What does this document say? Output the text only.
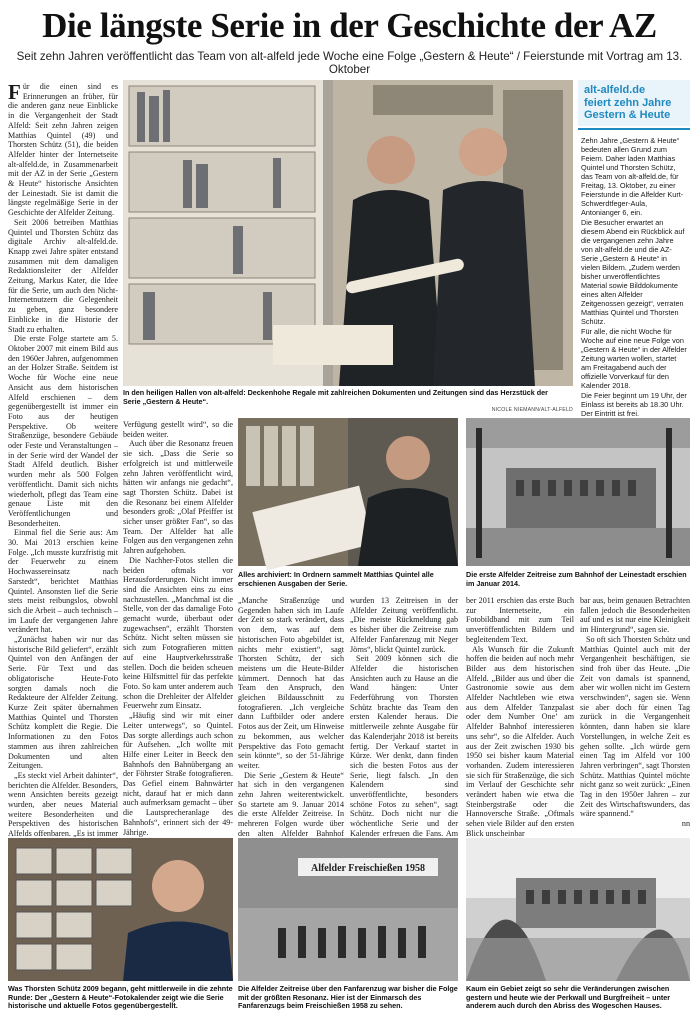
Die längste Serie in der Geschichte der AZ
Seit zehn Jahren veröffentlicht das Team von alt-alfeld jede Woche eine Folge „Gestern & Heute“ / Feierstunde mit Vortrag am 13. Oktober

Für die einen sind es Erinnerungen an früher, für die anderen ganz neue Einblicke in die Vergangenheit der Stadt Alfeld: Seit zehn Jahren zeigen Matthias Quintel (49) und Thorsten Schütz (51), die beiden Alfelder hinter der Internetseite alt-alfeld.de, in Zusammenarbeit mit der AZ in der Serie „Gestern & Heute“ historische Ansichten der Leinestadt. Sie ist damit die längste regelmäßige Serie in der Geschichte der Alfelder Zeitung.

Seit 2006 betreiben Matthias Quintel und Thorsten Schütz das digitale Archiv alt-alfeld.de. Knapp zwei Jahre später entstand zusammen mit dem damaligen Redaktionsleiter der Alfelder Zeitung, Markus Kater, die Idee für die Serie, um auch den Nicht-Internetnutzern die Gelegenheit zu geben, ganz besondere Einblicke in die Historie der Stadt zu erhalten.

Die erste Folge startete am 5. Oktober 2007 mit einem Bild aus den 1960er Jahren, aufgenommen an der Holzer Straße. Seitdem ist Woche für Woche eine neue Ansicht aus dem historischen Alfeld erschienen – dem gegenübergestellt ist immer ein Foto aus der heutigen Perspektive. Ob weitere Straßenzüge, besondere Gebäude oder Feste und Veranstaltungen – in der Serie wird der Wandel der Stadt Alfeld deutlich. Bisher wurden mehr als 500 Folgen veröffentlicht. Damit sich nichts wiederholt, pflegt das Team eine genaue Liste mit den Veröffentlichungen und Besonderheiten.

Einmal fiel die Serie aus: Am 30. Mai 2013 erschien keine Folge. „Ich musste kurzfristig mit der Feuerwehr zu einem Hochwassereinsatz nach Sarstedt“, berichtet Matthias Quintel. Ansonsten lief die Serie stets meist reibungslos, obwohl sich die Arbeit – auch technisch – im Laufe der vergangenen Jahre verändert hat.

„Zunächst haben wir nur das historische Bild geliefert“, erzählt Quintel von den Anfängen der Serie. Für Text und das obligatorische Heute-Foto sorgten damals noch die Redakteure der Alfelder Zeitung. Kurze Zeit später übernahmen Matthias Quintel und Thorsten Schütz komplett die Regie. Die Informationen zu den Fotos stammen aus ihren zahlreichen Dokumenten und alten Zeitungen.

„Es steckt viel Arbeit dahinter“, berichten die Alfelder. Besonders, wenn Ansichten bereits gezeigt wurden, aber neues Material weitere Besonderheiten und Perspektiven des historischen Alfelds offenbaren. „Es ist immer

In den heiligen Hallen von alt-alfeld: Deckenhohe Regale mit zahlreichen Dokumenten und Zeitungen sind das Herzstück der Serie „Gestern & Heute“.
NICOLE NIEMANN/ALT-ALFELD
alt-alfeld.de
feiert zehn Jahre
Gestern & Heute

Zehn Jahre „Gestern & Heute“ bedeuten allen Grund zum Feiern. Daher laden Matthias Quintel und Thorsten Schütz, das Team von alt-alfeld.de, für Freitag, 13. Oktober, zu einer Feierstunde in die Alfelder Kurt-Schwerdtfeger-Aula, Antonianger 6, ein.

Die Besucher erwartet an diesem Abend ein Rückblick auf die vergangenen zehn Jahre von alt-alfeld.de und die AZ-Serie „Gestern & Heute“ in vielen Bildern. „Zudem werden bisher unveröffentlichtes Material sowie Bilddokumente eines alten Alfelder Zeitgenossen gezeigt“, verraten Matthias Quintel und Thorsten Schütz.

Für alle, die nicht Woche für Woche auf eine neue Folge von „Gestern & Heute“ in der Alfelder Zeitung warten wollen, startet am Freitagabend auch der offizielle Vorverkauf für den Kalender 2018.

Die Feier beginnt um 19 Uhr, der Einlass ist bereits ab 18.30 Uhr. Der Eintritt ist frei.

Verfügung gestellt wird“, so die beiden weiter.

Auch über die Resonanz freuen sie sich. „Dass die Serie so erfolgreich ist und mittlerweile zehn Jahren veröffentlicht wird, hätten wir anfangs nie gedacht“, sagt Thorsten Schütz. Dabei ist die Resonanz bei einem Alfelder besonders groß: „Olaf Pfeiffer ist sicher unser größter Fan“, so das Team. Der Alfelder hat alle Folgen aus den vergangenen zehn Jahren aufgehoben.

Die Nachher-Fotos stellen die beiden oftmals vor Herausforderungen. Nicht immer sind die Ansichten eins zu eins nachzustellen. „Manchmal ist die Stelle, von der das damalige Foto gemacht wurde, überbaut oder zugewachsen“, erzählt Thorsten Schütz. Nicht selten müssen sie sich zum Fotografieren mitten auf eine Hauptverkehrsstraße stellen. Doch die beiden scheuen keine Hilfsmittel für das perfekte Foto. So kam unter anderem auch schon die Drehleiter der Alfelder Feuerwehr zum Einsatz.

„Häufig sind wir mit einer Leiter unterwegs“, so Quintel. Das sorgte allerdings auch schon für Aufsehen. „Ich wollte mit Hilfe einer Leiter in Beeck den Bahnhofs den Bahnübergang an der Föhrster Straße fotografieren. Das Gefiel einem Bahnwärter nicht, darauf hat er mich dann auch aufmerksam gemacht – über die Lautsprecheranlage des Bahnhofs“, erinnert sich der 49-Jährige.

Alles archiviert: In Ordnern sammelt Matthias Quintel alle erschienen Ausgaben der Serie.
Die erste Alfelder Zeitreise zum Bahnhof der Leinestadt erschien im Januar 2014.

„Manche Straßenzüge und Gegenden haben sich im Laufe der Zeit so stark verändert, dass von dem, was auf dem historischen Foto abgebildet ist, nichts mehr existiert“, sagt Thorsten Schütz, der sich meistens um die Heute-Bilder kümmert. Dennoch hat das Team den Anspruch, den gleichen Bildausschnitt zu fotografieren. „Ich vergleiche dann Luftbilder oder andere Fotos aus der Zeit, um Hinweise zu bekommen, aus welcher Perspektive das Foto gemacht sein könnte“, so der 51-Jährige weiter.

Die Serie „Gestern & Heute“ hat sich in den vergangenen zehn Jahren weiterentwickelt. So startete am 9. Januar 2014 die erste Alfelder Zeitreise. In mehreren Folgen wurde über den alten Alfelder Bahnhof

wurden 13 Zeitreisen in der Alfelder Zeitung veröffentlicht. „Die meiste Rückmeldung gab es bisher über die Zeitreise zum Alfelder Fanfarenzug mit Neger Jörns“, blickt Quintel zurück.

Seit 2009 können sich die Alfelder die historischen Ansichten auch zu Hause an die Wand hängen: Unter Federführung von Thorsten Schütz brachte das Team den ersten Kalender heraus. Die mittlerweile zehnte Ausgabe für das Kalenderjahr 2018 ist bereits fertig. Der Verkauf startet in Kürze. Wer denkt, dann finden sich die besten Fotos aus der Serie, liegt falsch. „In den Kalendern sind unveröffentlichte, besonders schöne Fotos zu sehen“, sagt Schütz. Doch nicht nur die wöchentliche Serie und der Kalender erfreuen die Fans. Am

ber 2011 erschien das erste Buch zur Internetseite, ein Fotobildband mit zum Teil unveröffentlichten Bildern und begleitendem Text.

Als Wunsch für die Zukunft hoffen die beiden auf noch mehr Bilder aus dem historischen Alfeld. „Bilder aus und über die Gastronomie sowie aus dem Alfelder Nachtleben wie etwa aus dem Alfelder Tanzpalast oder dem Number One’ am Alfelder Bahnhof interessieren uns sehr“, so die Alfelder. Auch aus der Zeit zwischen 1930 bis 1950 sei bisher kaum Material vorhanden. Zudem interessieren sie sich für Straßenzüge, die sich im Verlauf der Geschichte sehr verändert haben wie etwa die Steinbergstraße oder die Hannoversche Straße. „Oftmals sehen viele Bilder auf den ersten Blick unscheinbar

bar aus, beim genauen Betrachten fallen jedoch die Besonderheiten auf und es ist nur eine Kleinigkeit im Hintergrund“, sagen sie.

So oft sich Thorsten Schütz und Matthias Quintel auch mit der Vergangenheit beschäftigen, sie sind froh über das Heute. „Die Zeit von damals ist spannend, aber wir wollen nicht im Gestern verschwinden“, sagen sie. Wenn sie aber doch für einen Tag zurück in die Vergangenheit könnten, dann haben sie klare Vorstellungen, in welche Zeit es gehen sollte. „Ich würde gern einen Tag im Alfeld vor 100 Jahren verbringen“, sagt Thorsten Schütz. Matthias Quintel möchte nicht ganz so weit zurück: „Einen Tag in den 1950er Jahren – zur Zeit des Wirtschaftswunders, das wäre spannend.“

nn

Was Thorsten Schütz 2009 begann, geht mittlerweile in die zehnte Runde: Der „Gestern & Heute“-Fotokalender zeigt wie die Serie historische und aktuelle Fotos gegenübergestellt.
Alfelder Freischießen 1958
Die Alfelder Zeitreise über den Fanfarenzug war bisher die Folge mit der größten Resonanz. Hier ist der Einmarsch des Fanfarenzugs beim Freischießen 1958 zu sehen.
Kaum ein Gebiet zeigt so sehr die Veränderungen zwischen gestern und heute wie der Perkwall und Burgfreiheit – unter anderem auch durch den Abriss des Wogeschen Hauses.
